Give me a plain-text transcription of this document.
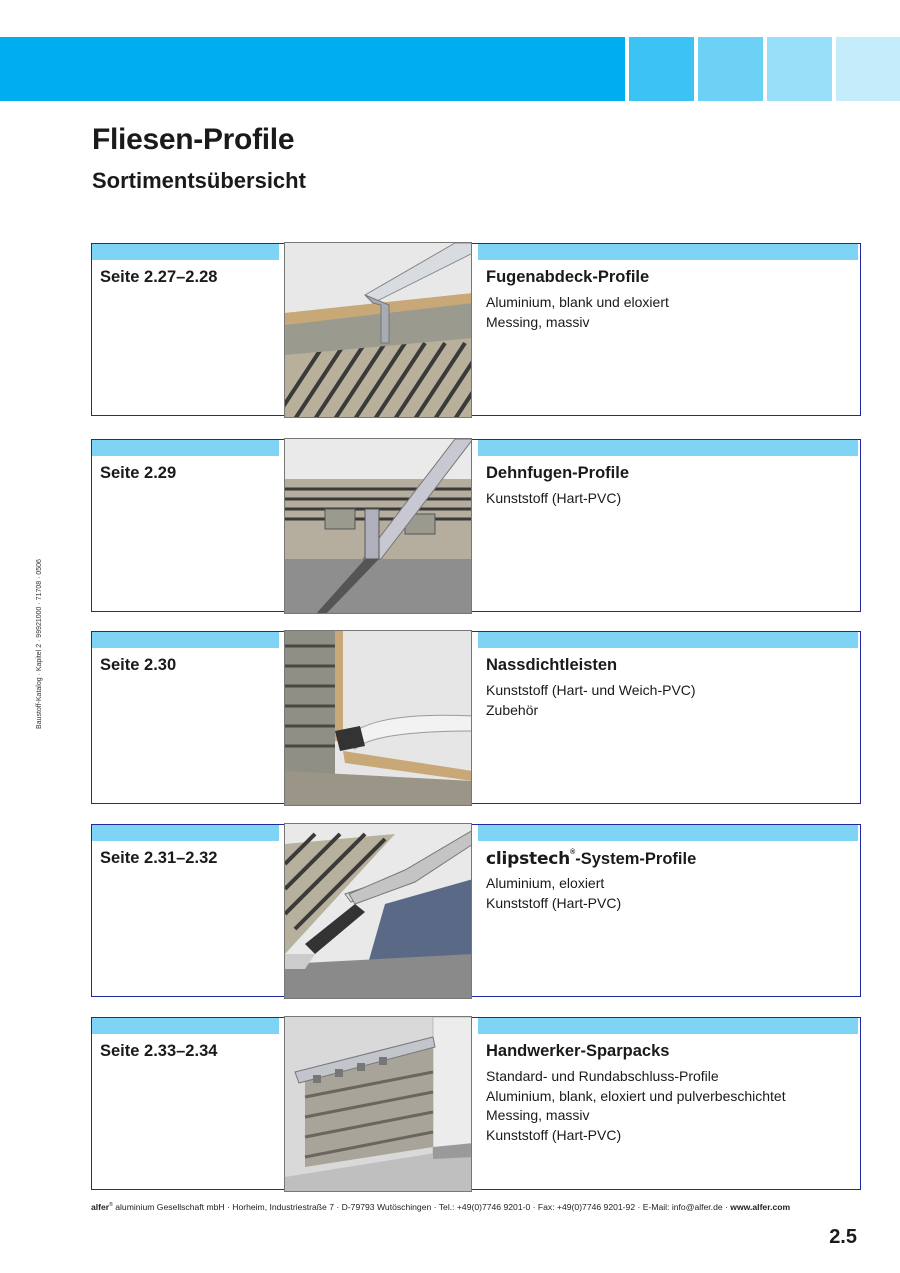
Fliesen-Profile
Sortimentsübersicht
Baustoff-Katalog · Kapitel 2 · 99921000 · 71708 · 0506
Seite 2.27–2.28	Fugenabdeck-Profile
Aluminium, blank und eloxiert
Messing, massiv
Seite 2.29	Dehnfugen-Profile
Kunststoff (Hart-PVC)
Seite 2.30	Nassdichtleisten
Kunststoff (Hart- und Weich-PVC)
Zubehör
Seite 2.31–2.32	clipstech®-System-Profile
Aluminium, eloxiert
Kunststoff (Hart-PVC)
Seite 2.33–2.34	Handwerker-Sparpacks
Standard- und Rundabschluss-Profile
Aluminium, blank, eloxiert und pulverbeschichtet
Messing, massiv
Kunststoff (Hart-PVC)
alfer® aluminium Gesellschaft mbH · Horheim, Industriestraße 7 · D-79793 Wutöschingen · Tel.: +49(0)7746 9201-0 · Fax: +49(0)7746 9201-92 · E-Mail: info@alfer.de · www.alfer.com
2.5
